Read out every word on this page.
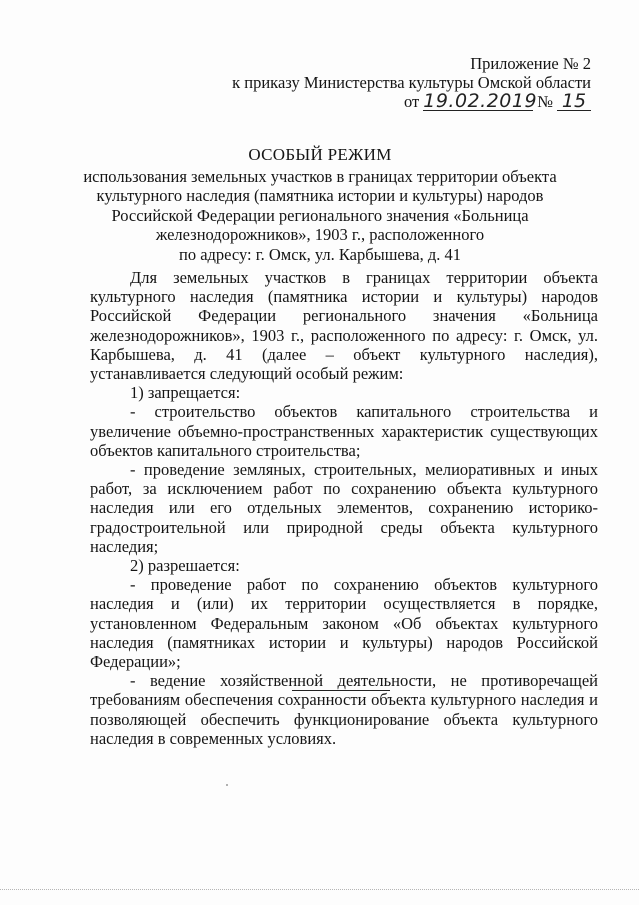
Приложение № 2
к приказу Министерства культуры Омской области
от 19.02.2019 № 15
ОСОБЫЙ РЕЖИМ
использования земельных участков в границах территории объекта
культурного наследия (памятника истории и культуры) народов
Российской Федерации регионального значения «Больница
железнодорожников», 1903 г., расположенного
по адресу: г. Омск, ул. Карбышева, д. 41

Для земельных участков в границах территории объекта культурного наследия (памятника истории и культуры) народов Российской Федерации регионального значения «Больница железнодорожников», 1903 г., расположенного по адресу: г. Омск, ул. Карбышева, д. 41 (далее – объект культурного наследия), устанавливается следующий особый режим:

1) запрещается:

- строительство объектов капитального строительства и увеличение объемно-пространственных характеристик существующих объектов капитального строительства;

- проведение земляных, строительных, мелиоративных и иных работ, за исключением работ по сохранению объекта культурного наследия или его отдельных элементов, сохранению историко-градостроительной или природной среды объекта культурного наследия;

2) разрешается:

- проведение работ по сохранению объектов культурного наследия и (или) их территории осуществляется в порядке, установленном Федеральным законом «Об объектах культурного наследия (памятниках истории и культуры) народов Российской Федерации»;

- ведение хозяйственной деятельности, не противоречащей требованиям обеспечения сохранности объекта культурного наследия и позволяющей обеспечить функционирование объекта культурного наследия в современных условиях.
